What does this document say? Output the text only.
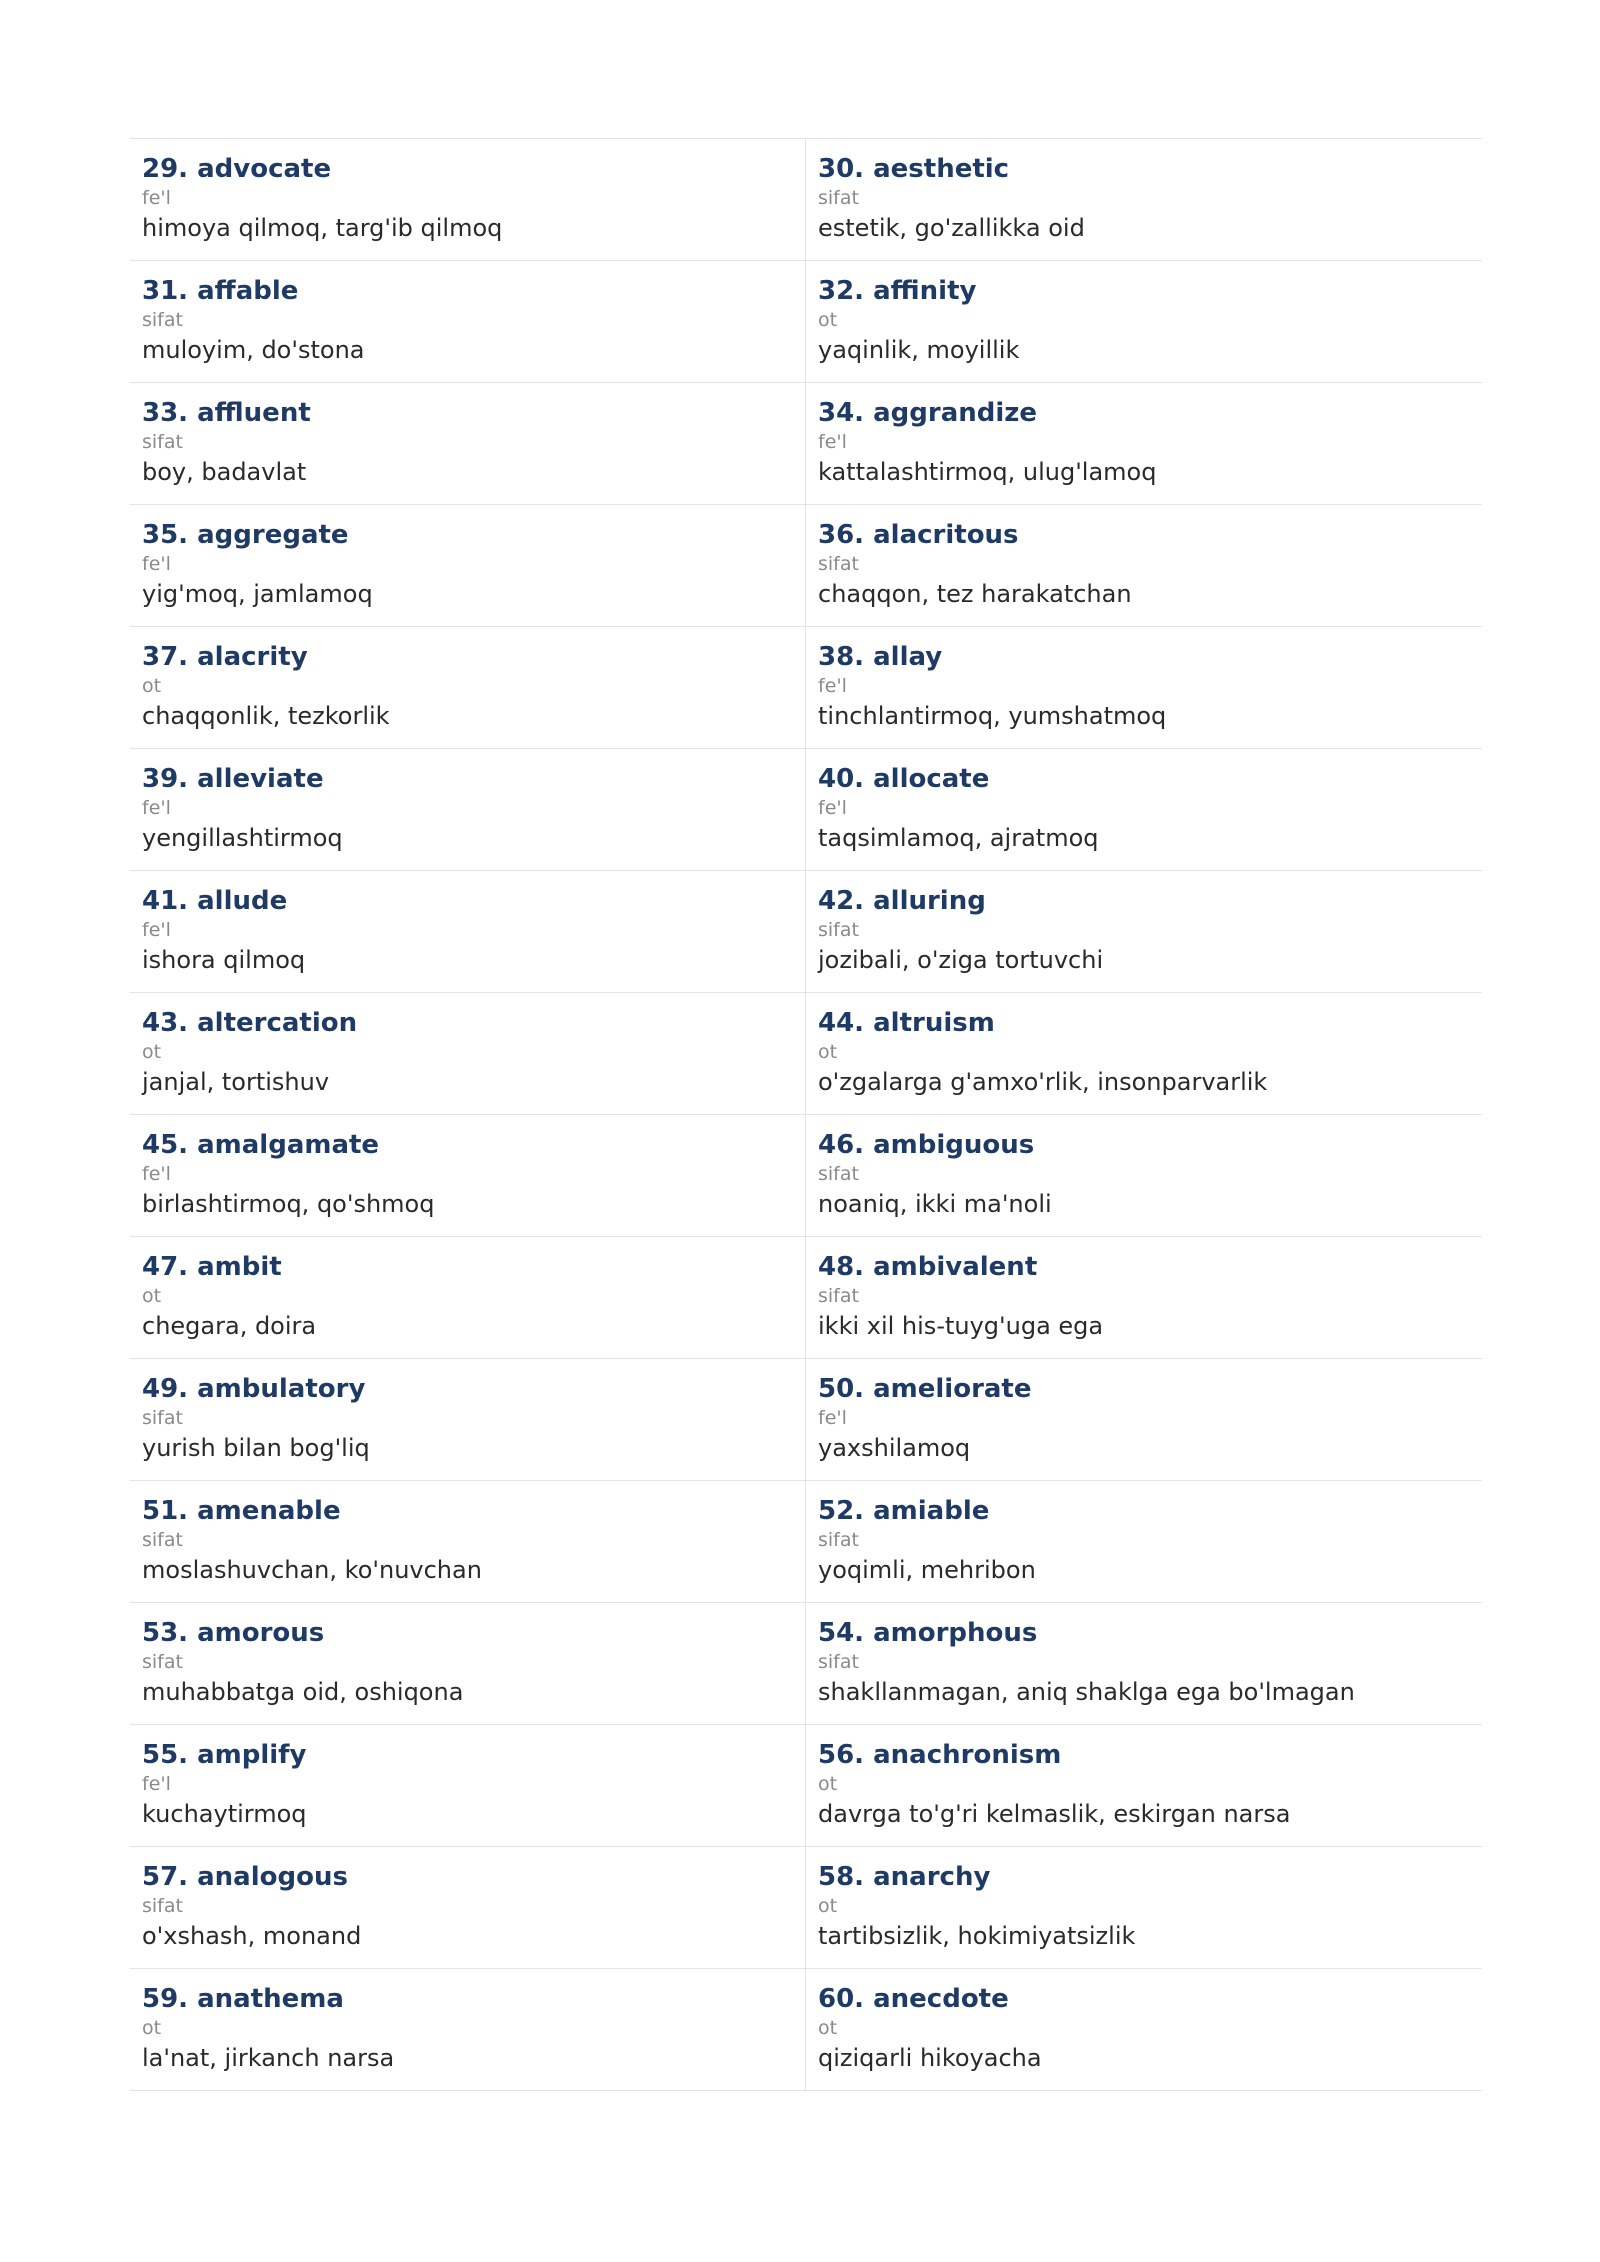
29. advocate
fe'l
himoya qilmoq, targ'ib qilmoq
30. aesthetic
sifat
estetik, go'zallikka oid
31. affable
sifat
muloyim, do'stona
32. affinity
ot
yaqinlik, moyillik
33. affluent
sifat
boy, badavlat
34. aggrandize
fe'l
kattalashtirmoq, ulug'lamoq
35. aggregate
fe'l
yig'moq, jamlamoq
36. alacritous
sifat
chaqqon, tez harakatchan
37. alacrity
ot
chaqqonlik, tezkorlik
38. allay
fe'l
tinchlantirmoq, yumshatmoq
39. alleviate
fe'l
yengillashtirmoq
40. allocate
fe'l
taqsimlamoq, ajratmoq
41. allude
fe'l
ishora qilmoq
42. alluring
sifat
jozibali, o'ziga tortuvchi
43. altercation
ot
janjal, tortishuv
44. altruism
ot
o'zgalarga g'amxo'rlik, insonparvarlik
45. amalgamate
fe'l
birlashtirmoq, qo'shmoq
46. ambiguous
sifat
noaniq, ikki ma'noli
47. ambit
ot
chegara, doira
48. ambivalent
sifat
ikki xil his-tuyg'uga ega
49. ambulatory
sifat
yurish bilan bog'liq
50. ameliorate
fe'l
yaxshilamoq
51. amenable
sifat
moslashuvchan, ko'nuvchan
52. amiable
sifat
yoqimli, mehribon
53. amorous
sifat
muhabbatga oid, oshiqona
54. amorphous
sifat
shakllanmagan, aniq shaklga ega bo'lmagan
55. amplify
fe'l
kuchaytirmoq
56. anachronism
ot
davrga to'g'ri kelmaslik, eskirgan narsa
57. analogous
sifat
o'xshash, monand
58. anarchy
ot
tartibsizlik, hokimiyatsizlik
59. anathema
ot
la'nat, jirkanch narsa
60. anecdote
ot
qiziqarli hikoyacha
